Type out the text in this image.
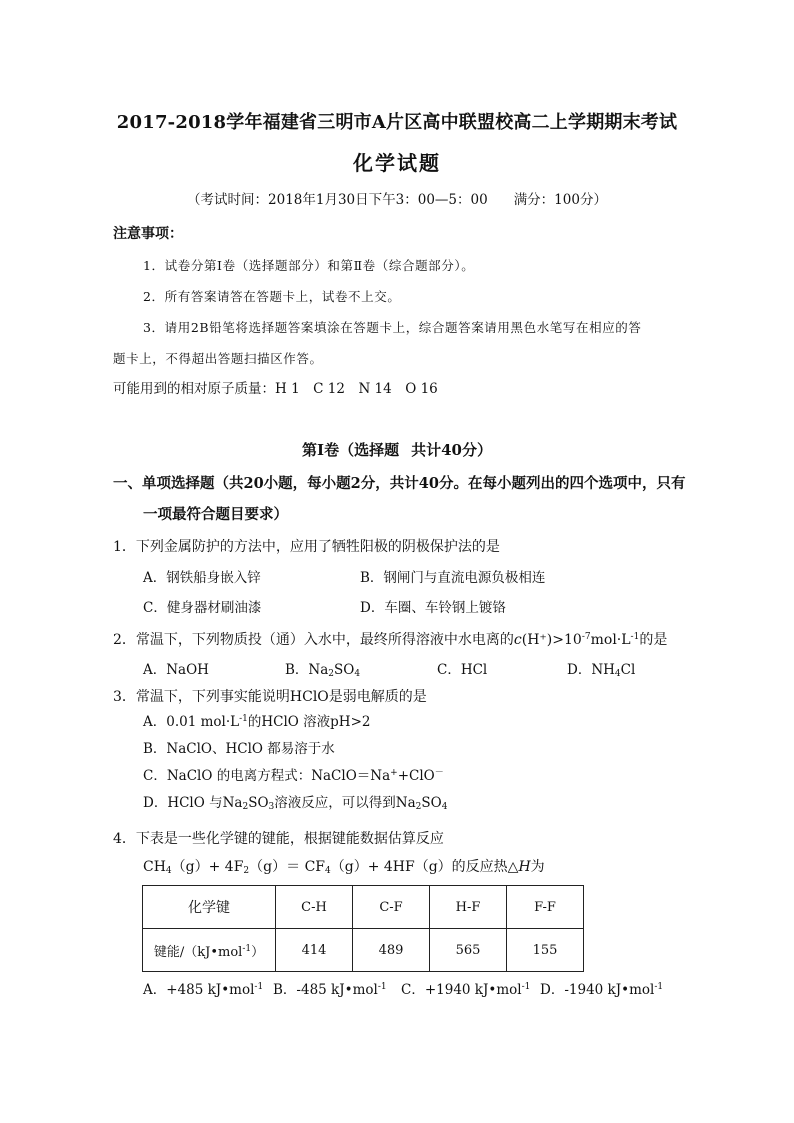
2017-2018学年福建省三明市A片区高中联盟校高二上学期期末考试
化学试题
（考试时间：2018年1月30日下午3：00—5：00 满分：100分）
注意事项：
1．试卷分第Ⅰ卷（选择题部分）和第Ⅱ卷（综合题部分）。
2．所有答案请答在答题卡上，试卷不上交。
3．请用2B铅笔将选择题答案填涂在答题卡上，综合题答案请用黑色水笔写在相应的答
题卡上，不得超出答题扫描区作答。
可能用到的相对原子质量：H 1　C 12　N 14　O 16
第Ⅰ卷（选择题 共计40分）
一、单项选择题（共20小题，每小题2分，共计40分。在每小题列出的四个选项中，只有
一项最符合题目要求）
1．下列金属防护的方法中，应用了牺牲阳极的阴极保护法的是
A．钢铁船身嵌入锌	B．钢闸门与直流电源负极相连
C．健身器材刷油漆	D．车圈、车铃钢上镀铬
2．常温下，下列物质投（通）入水中，最终所得溶液中水电离的$c(H^+)>10^{-7}mol\cdot L^{-1}$的是
A．NaOH	B．$Na_2SO_4$	C．HCl	D．$NH_4Cl$
3．常温下，下列事实能说明HClO是弱电解质的是
A．0.01 $mol\cdot L^{-1}$的HClO 溶液pH>2
B．NaClO、HClO 都易溶于水
C．NaClO 的电离方程式：NaClO＝Na++ClO－
D．HClO 与$Na_2SO_3$溶液反应，可以得到$Na_2SO_4$
4．下表是一些化学键的键能，根据键能数据估算反应
$CH_4(g)+ 4F_2(g)= CF_4(g)+ 4HF(g)$的反应热△H为
化学键	C-H	C-F	H-F	F-F
键能/（kJ•mol$^{-1}$）	414	489	565	155
A．+485 kJ•mol$^{-1}$ B．-485 kJ•mol$^{-1}$ C．+1940 kJ•mol$^{-1}$ D．-1940 kJ•mol$^{-1}$
